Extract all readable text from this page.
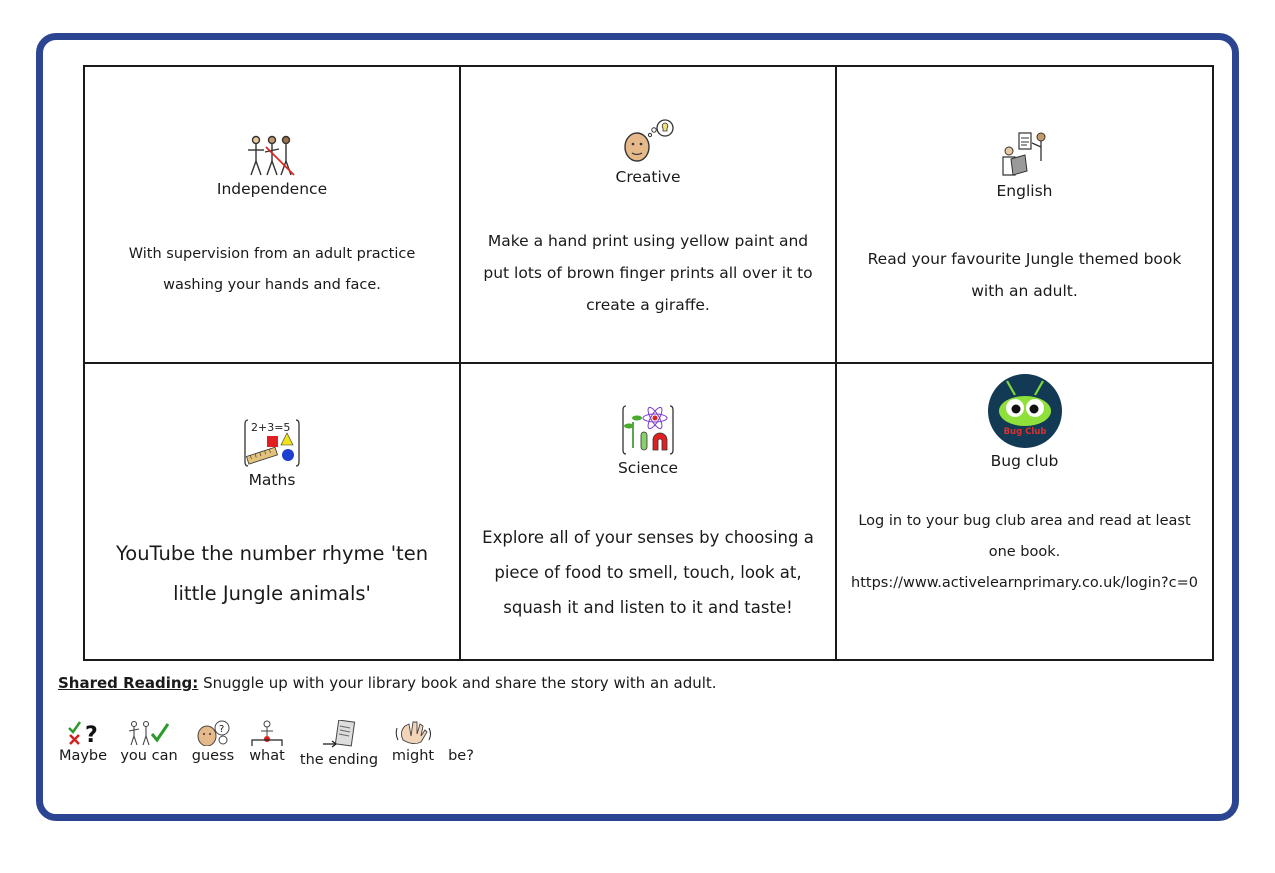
Independence
With supervision from an adult practice washing your hands and face.
Creative
Make a hand print using yellow paint and put lots of brown finger prints all over it to create a giraffe.
English
Read your favourite Jungle themed book with an adult.
2+3=5
Maths
YouTube the number rhyme 'ten little Jungle animals'
Science
Explore all of your senses by choosing a piece of food to smell, touch, look at, squash it and listen to it and taste!
Bug Club
Bug club
Log in to your bug club area and read at least one book.
https://www.activelearnprimary.co.uk/login?c=0
Shared Reading: Snuggle up with your library book and share the story with an adult.
?
Maybe you can
?
guess what the ending might be?
